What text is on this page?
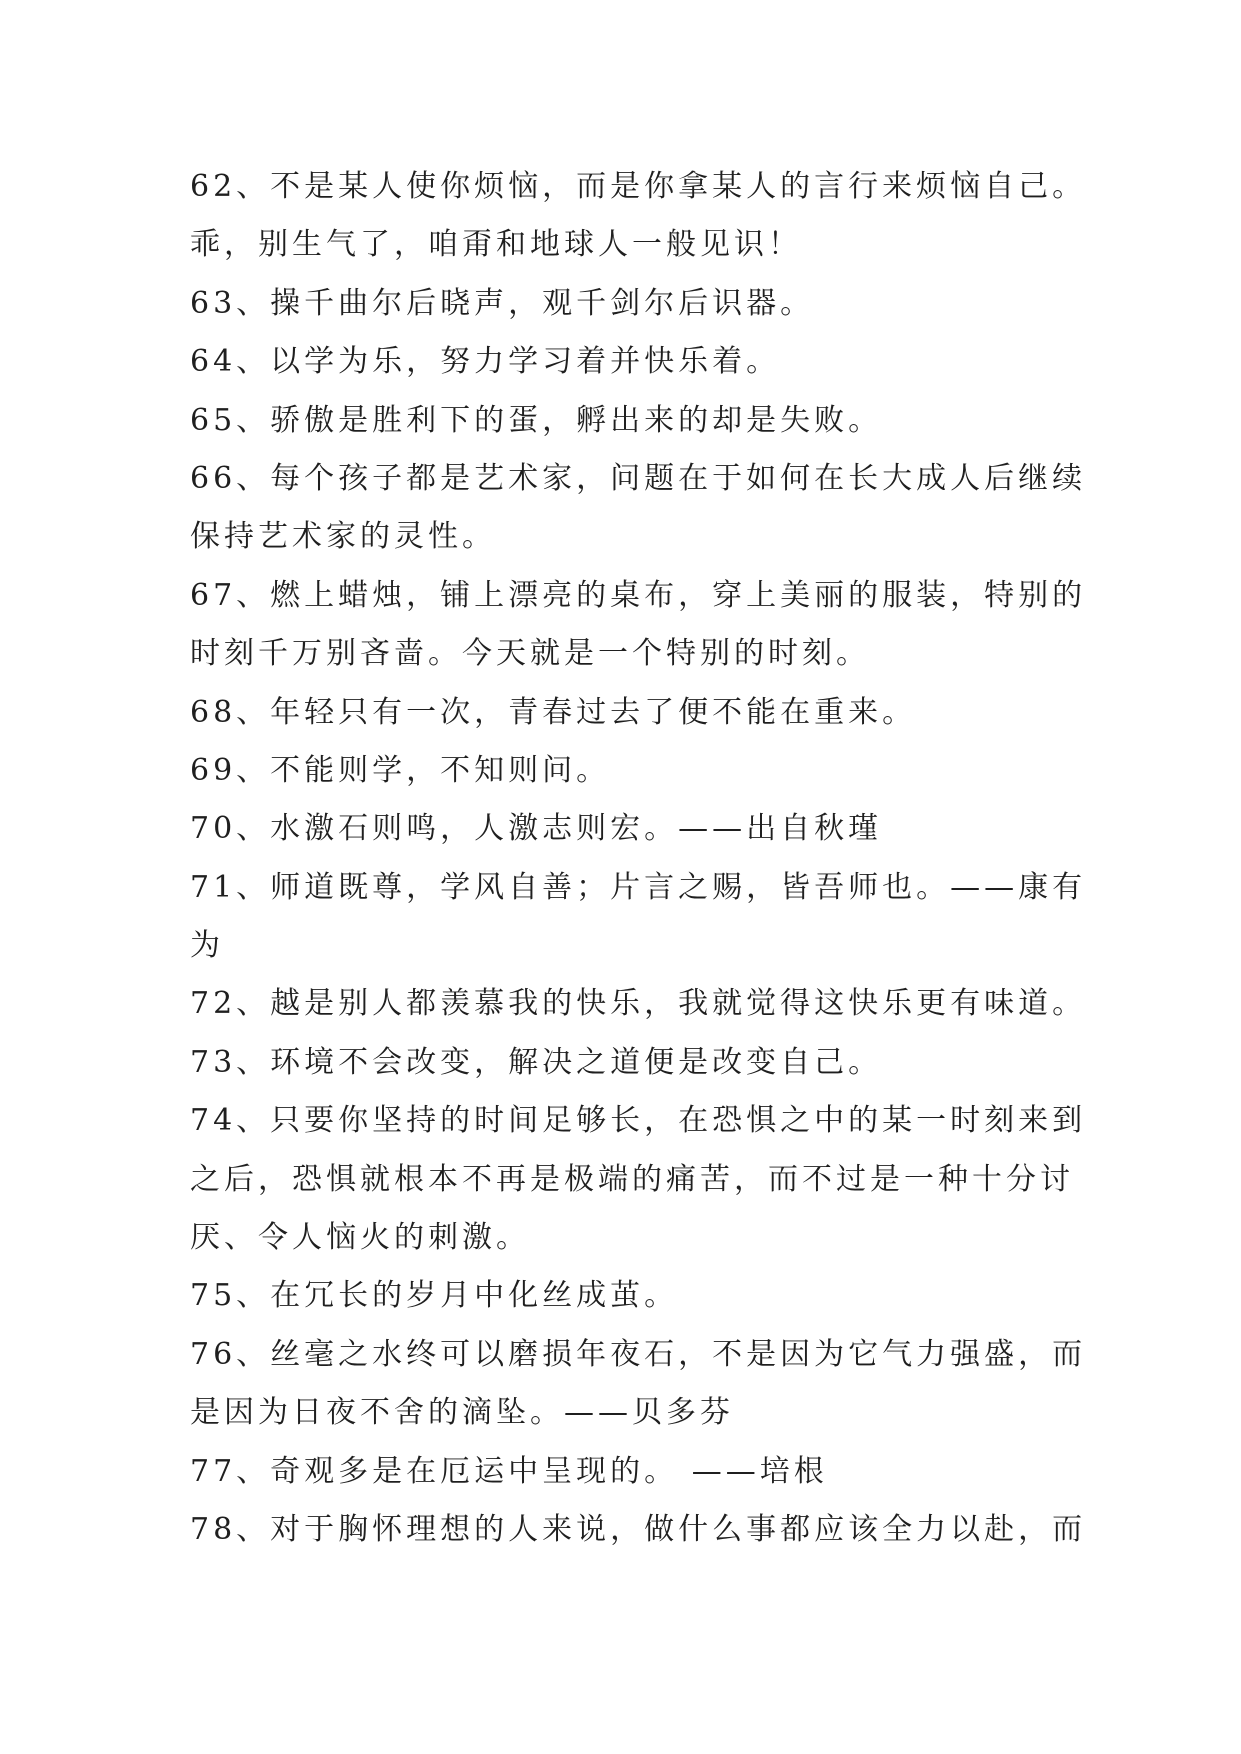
62、不是某人使你烦恼，而是你拿某人的言行来烦恼自己。
乖，别生气了，咱甭和地球人一般见识！
63、操千曲尔后晓声，观千剑尔后识器。
64、以学为乐，努力学习着并快乐着。
65、骄傲是胜利下的蛋，孵出来的却是失败。
66、每个孩子都是艺术家，问题在于如何在长大成人后继续
保持艺术家的灵性。
67、燃上蜡烛，铺上漂亮的桌布，穿上美丽的服装，特别的
时刻千万别吝啬。今天就是一个特别的时刻。
68、年轻只有一次，青春过去了便不能在重来。
69、不能则学，不知则问。
70、水激石则鸣，人激志则宏。——出自秋瑾
71、师道既尊，学风自善；片言之赐，皆吾师也。——康有
为
72、越是别人都羡慕我的快乐，我就觉得这快乐更有味道。
73、环境不会改变，解决之道便是改变自己。
74、只要你坚持的时间足够长，在恐惧之中的某一时刻来到
之后，恐惧就根本不再是极端的痛苦，而不过是一种十分讨
厌、令人恼火的刺激。
75、在冗长的岁月中化丝成茧。
76、丝毫之水终可以磨损年夜石，不是因为它气力强盛，而
是因为日夜不舍的滴坠。——贝多芬
77、奇观多是在厄运中呈现的。 ——培根
78、对于胸怀理想的人来说，做什么事都应该全力以赴，而
